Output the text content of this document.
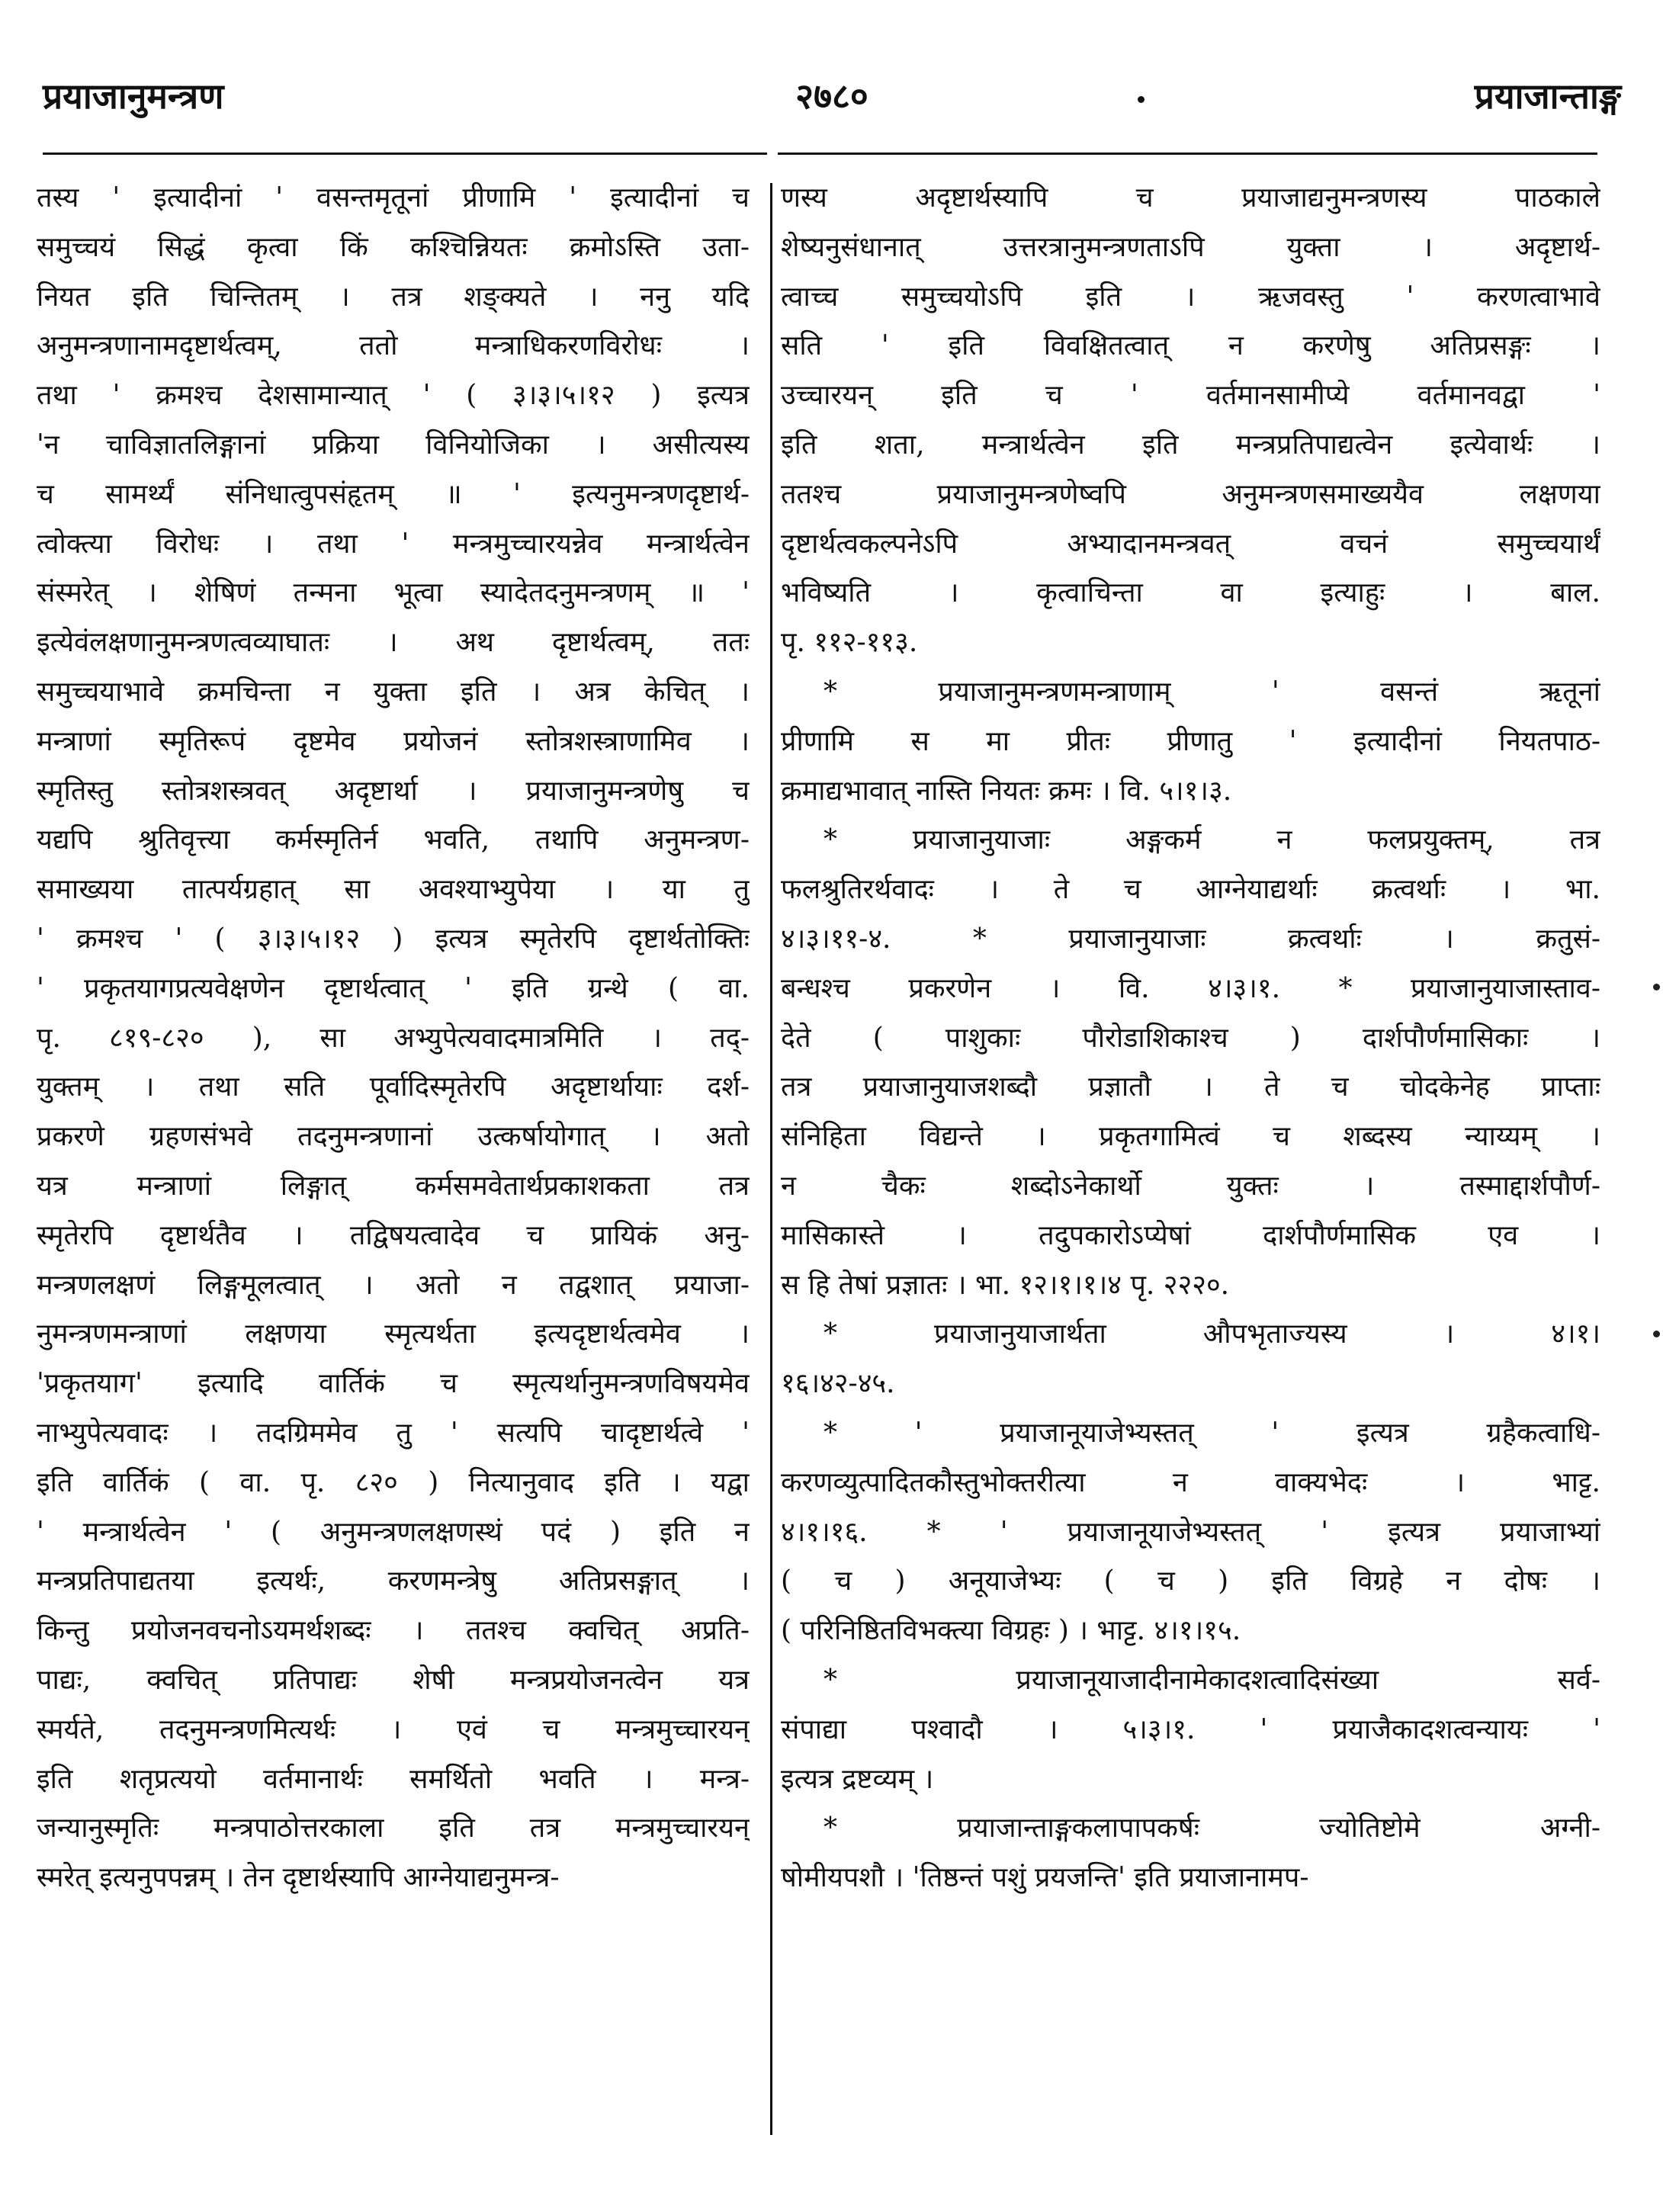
प्रयाजानुमन्त्रण	२७८०	प्रयाजान्ताङ्ग
तस्य ' इत्यादीनां ' वसन्तमृतूनां प्रीणामि ' इत्यादीनां च
समुच्चयं सिद्धं कृत्वा किं कश्चिन्नियतः क्रमोऽस्ति उता-
नियत इति चिन्तितम् । तत्र शङ्क्यते । ननु यदि
अनुमन्त्रणानामदृष्टार्थत्वम्, ततो मन्त्राधिकरणविरोधः ।
तथा ' क्रमश्च देशसामान्यात् ' ( ३।३।५।१२ ) इत्यत्र
'न चाविज्ञातलिङ्गानां प्रक्रिया विनियोजिका । असीत्यस्य
च सामर्थ्यं संनिधात्वुपसंहृतम् ॥ ' इत्यनुमन्त्रणदृष्टार्थ-
त्वोक्त्या विरोधः । तथा ' मन्त्रमुच्चारयन्नेव मन्त्रार्थत्वेन
संस्मरेत् । शेषिणं तन्मना भूत्वा स्यादेतदनुमन्त्रणम् ॥ '
इत्येवंलक्षणानुमन्त्रणत्वव्याघातः । अथ दृष्टार्थत्वम्, ततः
समुच्चयाभावे क्रमचिन्ता न युक्ता इति । अत्र केचित् ।
मन्त्राणां स्मृतिरूपं दृष्टमेव प्रयोजनं स्तोत्रशस्त्राणामिव ।
स्मृतिस्तु स्तोत्रशस्त्रवत् अदृष्टार्था । प्रयाजानुमन्त्रणेषु च
यद्यपि श्रुतिवृत्त्या कर्मस्मृतिर्न भवति, तथापि अनुमन्त्रण-
समाख्यया तात्पर्यग्रहात् सा अवश्याभ्युपेया । या तु
' क्रमश्च ' ( ३।३।५।१२ ) इत्यत्र स्मृतेरपि दृष्टार्थतोक्तिः
' प्रकृतयागप्रत्यवेक्षणेन दृष्टार्थत्वात् ' इति ग्रन्थे ( वा.
पृ. ८१९-८२० ), सा अभ्युपेत्यवादमात्रमिति । तद्-
युक्तम् । तथा सति पूर्वादिस्मृतेरपि अदृष्टार्थायाः दर्श-
प्रकरणे ग्रहणसंभवे तदनुमन्त्रणानां उत्कर्षायोगात् । अतो
यत्र मन्त्राणां लिङ्गात् कर्मसमवेतार्थप्रकाशकता तत्र
स्मृतेरपि दृष्टार्थतैव । तद्विषयत्वादेव च प्रायिकं अनु-
मन्त्रणलक्षणं लिङ्गमूलत्वात् । अतो न तद्वशात् प्रयाजा-
नुमन्त्रणमन्त्राणां लक्षणया स्मृत्यर्थता इत्यदृष्टार्थत्वमेव ।
'प्रकृतयाग' इत्यादि वार्तिकं च स्मृत्यर्थानुमन्त्रणविषयमेव
नाभ्युपेत्यवादः । तदग्रिममेव तु ' सत्यपि चादृष्टार्थत्वे '
इति वार्तिकं ( वा. पृ. ८२० ) नित्यानुवाद इति । यद्वा
' मन्त्रार्थत्वेन ' ( अनुमन्त्रणलक्षणस्थं पदं ) इति न
मन्त्रप्रतिपाद्यतया इत्यर्थः, करणमन्त्रेषु अतिप्रसङ्गात् ।
किन्तु प्रयोजनवचनोऽयमर्थशब्दः । ततश्च क्वचित् अप्रति-
पाद्यः, क्वचित् प्रतिपाद्यः शेषी मन्त्रप्रयोजनत्वेन यत्र
स्मर्यते, तदनुमन्त्रणमित्यर्थः । एवं च मन्त्रमुच्चारयन्
इति शतृप्रत्ययो वर्तमानार्थः समर्थितो भवति । मन्त्र-
जन्यानुस्मृतिः मन्त्रपाठोत्तरकाला इति तत्र मन्त्रमुच्चारयन्
स्मरेत् इत्यनुपपन्नम् । तेन दृष्टार्थस्यापि आग्नेयाद्यनुमन्त्र-
णस्य अदृष्टार्थस्यापि च प्रयाजाद्यनुमन्त्रणस्य पाठकाले
शेष्यनुसंधानात् उत्तरत्रानुमन्त्रणताऽपि युक्ता । अदृष्टार्थ-
त्वाच्च समुच्चयोऽपि इति । ऋजवस्तु ' करणत्वाभावे
सति ' इति विवक्षितत्वात् न करणेषु अतिप्रसङ्गः ।
उच्चारयन् इति च ' वर्तमानसामीप्ये वर्तमानवद्वा '
इति शता, मन्त्रार्थत्वेन इति मन्त्रप्रतिपाद्यत्वेन इत्येवार्थः ।
ततश्च प्रयाजानुमन्त्रणेष्वपि अनुमन्त्रणसमाख्ययैव लक्षणया
दृष्टार्थत्वकल्पनेऽपि अभ्यादानमन्त्रवत् वचनं समुच्चयार्थं
भविष्यति । कृत्वाचिन्ता वा इत्याहुः । बाल.
पृ. ११२-११३.
* प्रयाजानुमन्त्रणमन्त्राणाम् ' वसन्तं ऋतूनां
प्रीणामि स मा प्रीतः प्रीणातु ' इत्यादीनां नियतपाठ-
क्रमाद्यभावात् नास्ति नियतः क्रमः । वि. ५।१।३.
* प्रयाजानुयाजाः अङ्गकर्म न फलप्रयुक्तम्, तत्र
फलश्रुतिरर्थवादः । ते च आग्नेयाद्यर्थाः क्रत्वर्थाः । भा.
४।३।११-४. * प्रयाजानुयाजाः क्रत्वर्थाः । क्रतुसं-
बन्धश्च प्रकरणेन । वि. ४।३।१. * प्रयाजानुयाजास्ताव-
देते ( पाशुकाः पौरोडाशिकाश्च ) दार्शपौर्णमासिकाः ।
तत्र प्रयाजानुयाजशब्दौ प्रज्ञातौ । ते च चोदकेनेह प्राप्ताः
संनिहिता विद्यन्ते । प्रकृतगामित्वं च शब्दस्य न्याय्यम् ।
न चैकः शब्दोऽनेकार्थो युक्तः । तस्माद्दार्शपौर्ण-
मासिकास्ते । तदुपकारोऽप्येषां दार्शपौर्णमासिक एव ।
स हि तेषां प्रज्ञातः । भा. १२।१।१।४ पृ. २२२०.
* प्रयाजानुयाजार्थता औपभृताज्यस्य । ४।१।
१६।४२-४५.
* ' प्रयाजानूयाजेभ्यस्तत् ' इत्यत्र ग्रहैकत्वाधि-
करणव्युत्पादितकौस्तुभोक्तरीत्या न वाक्यभेदः । भाट्ट.
४।१।१६. * ' प्रयाजानूयाजेभ्यस्तत् ' इत्यत्र प्रयाजाभ्यां
( च ) अनूयाजेभ्यः ( च ) इति विग्रहे न दोषः ।
( परिनिष्ठितविभक्त्या विग्रहः ) । भाट्ट. ४।१।१५.
* प्रयाजानूयाजादीनामेकादशत्वादिसंख्या सर्व-
संपाद्या पश्वादौ । ५।३।१. ' प्रयाजैकादशत्वन्यायः '
इत्यत्र द्रष्टव्यम् ।
* प्रयाजान्ताङ्गकलापापकर्षः ज्योतिष्टोमे अग्नी-
षोमीयपशौ । 'तिष्ठन्तं पशुं प्रयजन्ति' इति प्रयाजानामप-
